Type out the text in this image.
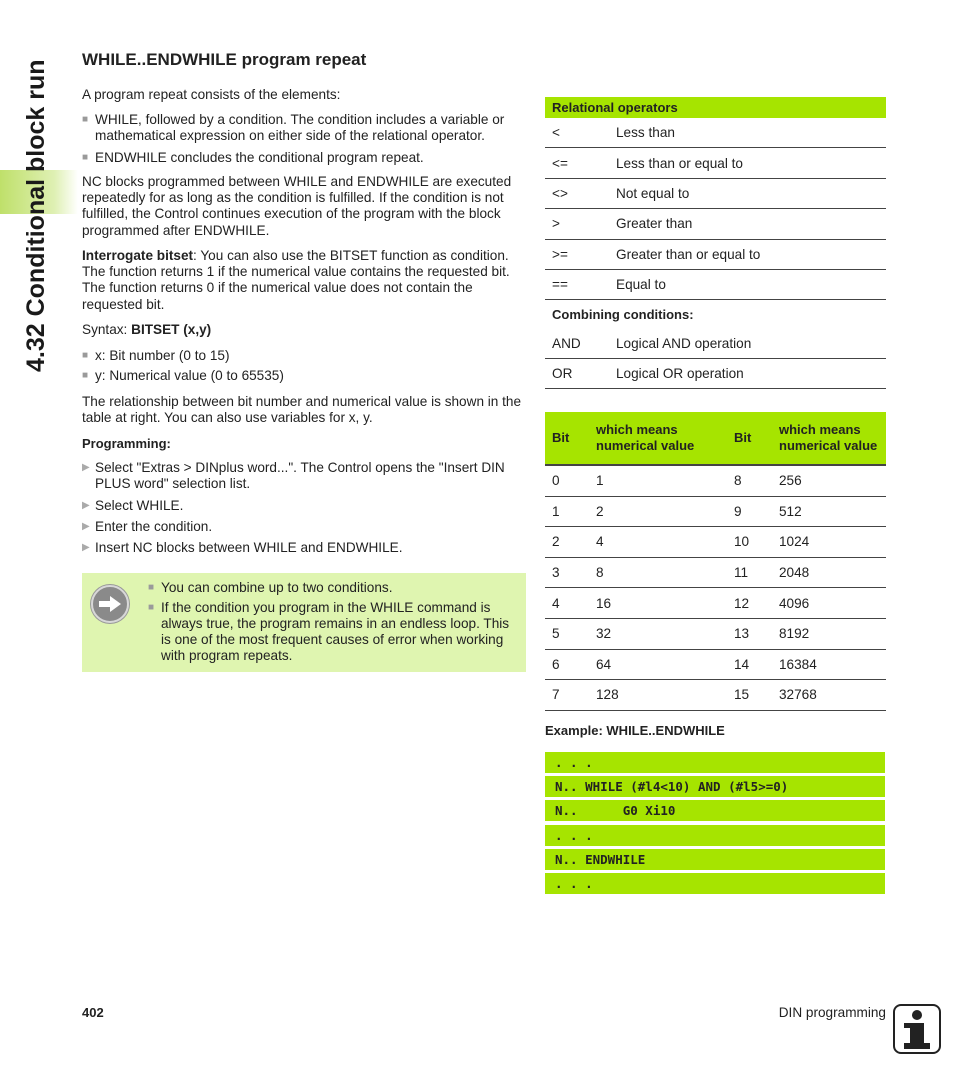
4.32 Conditional block run WHILE..ENDWHILE program repeat

A program repeat consists of the elements:

■ WHILE, followed by a condition. The condition includes a variable or mathematical expression on either side of the relational operator.
■ ENDWHILE concludes the conditional program repeat.

NC blocks programmed between WHILE and ENDWHILE are executed repeatedly for as long as the condition is fulfilled. If the condition is not fulfilled, the Control continues execution of the program with the block programmed after ENDWHILE.

Interrogate bitset: You can also use the BITSET function as condition. The function returns 1 if the numerical value contains the requested bit. The function returns 0 if the numerical value does not contain the requested bit.

Syntax: BITSET (x,y)

■ x: Bit number (0 to 15)
■ y: Numerical value (0 to 65535)

The relationship between bit number and numerical value is shown in the table at right. You can also use variables for x, y.

Programming:

▶ Select "Extras > DINplus word...". The Control opens the "Insert DIN PLUS word" selection list.
▶ Select WHILE.
▶ Enter the condition.
▶ Insert NC blocks between WHILE and ENDWHILE.
■ You can combine up to two conditions.
■ If the condition you program in the WHILE command is always true, the program remains in an endless loop. This is one of the most frequent causes of error when working with program repeats.
Relational operators	
<	Less than
<=	Less than or equal to
<>	Not equal to
>	Greater than
>=	Greater than or equal to
==	Equal to
Combining conditions:	
AND	Logical AND operation
OR	Logical OR operation
Bit	which means numerical value	Bit	which means numerical value
0	1	8	256
1	2	9	512
2	4	10	1024
3	8	11	2048
4	16	12	4096
5	32	13	8192
6	64	14	16384
7	128	15	32768
Example: WHILE..ENDWHILE
. . .
N.. WHILE (#l4<10) AND (#l5>=0)
N..      G0 Xi10
. . .
N.. ENDWHILE
. . .
402	DIN programming
